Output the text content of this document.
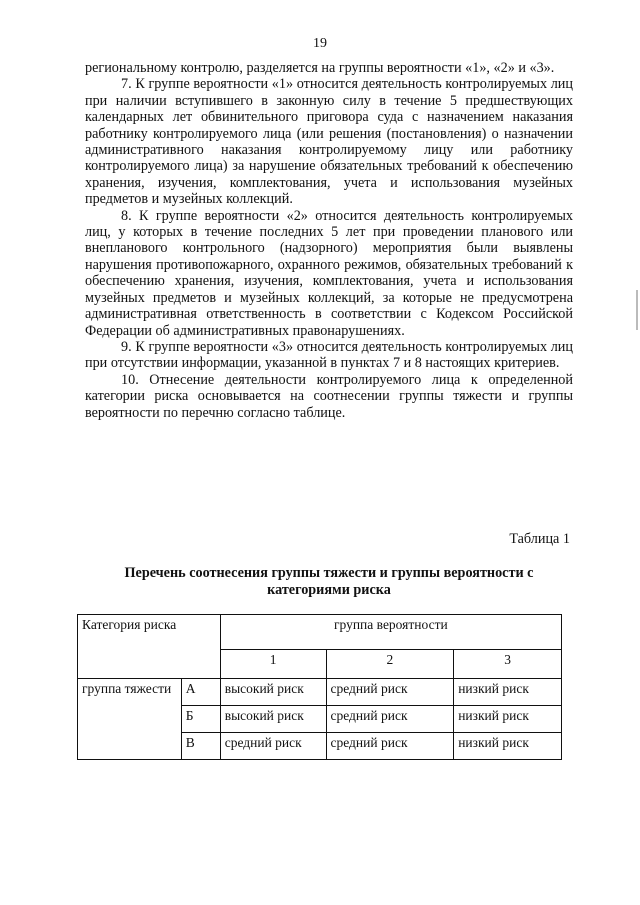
19

региональному контролю, разделяется на группы вероятности «1», «2» и «3».

7. К группе вероятности «1» относится деятельность контролируемых лиц при наличии вступившего в законную силу в течение 5 предшествующих календарных лет обвинительного приговора суда с назначением наказания работнику контролируемого лица (или решения (постановления) о назначении административного наказания контролируемому лицу или работнику контролируемого лица) за нарушение обязательных требований к обеспечению хранения, изучения, комплектования, учета и использования музейных предметов и музейных коллекций.

8. К группе вероятности «2» относится деятельность контролируемых лиц, у которых в течение последних 5 лет при проведении планового или внепланового контрольного (надзорного) мероприятия были выявлены нарушения противопожарного, охранного режимов, обязательных требований к обеспечению хранения, изучения, комплектования, учета и использования музейных предметов и музейных коллекций, за которые не предусмотрена административная ответственность в соответствии с Кодексом Российской Федерации об административных правонарушениях.

9. К группе вероятности «3» относится деятельность контролируемых лиц при отсутствии информации, указанной в пунктах 7 и 8 настоящих критериев.

10. Отнесение деятельности контролируемого лица к определенной категории риска основывается на соотнесении группы тяжести и группы вероятности по перечню согласно таблице.

Таблица 1
Перечень соотнесения группы тяжести и группы вероятности с категориями риска
Категория риска		группа вероятности		
		1	2	3
группа тяжести	А	высокий риск	средний риск	низкий риск
	Б	высокий риск	средний риск	низкий риск
	В	средний риск	средний риск	низкий риск
